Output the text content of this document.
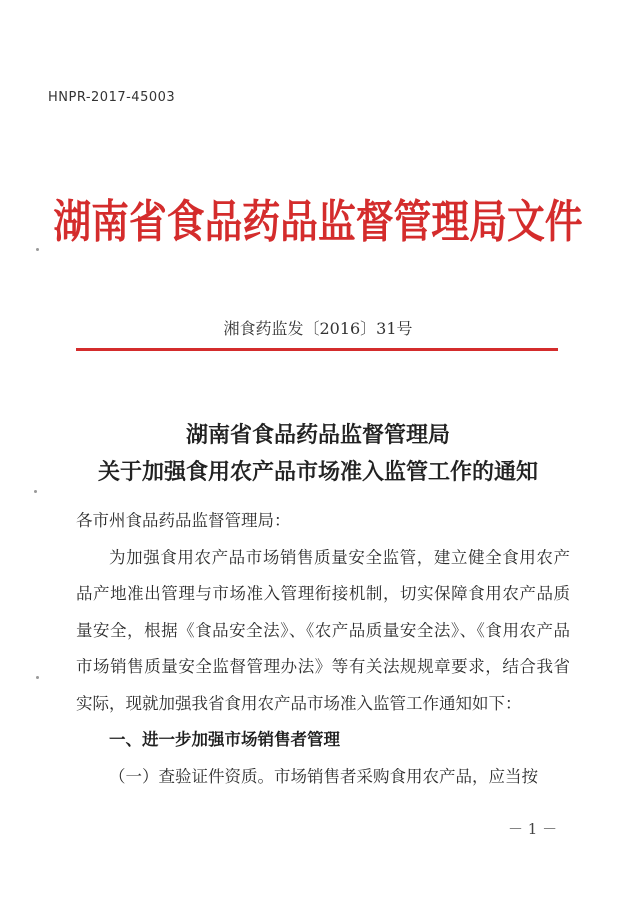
HNPR-2017-45003
湖南省食品药品监督管理局文件
湘食药监发〔2016〕31号
湖南省食品药品监督管理局
关于加强食用农产品市场准入监管工作的通知

各市州食品药品监督管理局：

为加强食用农产品市场销售质量安全监管，建立健全食用农产品产地准出管理与市场准入管理衔接机制，切实保障食用农产品质量安全，根据《食品安全法》、《农产品质量安全法》、《食用农产品市场销售质量安全监督管理办法》等有关法规规章要求，结合我省实际，现就加强我省食用农产品市场准入监管工作通知如下：

一、进一步加强市场销售者管理

（一）查验证件资质。市场销售者采购食用农产品，应当按

－ 1 －
